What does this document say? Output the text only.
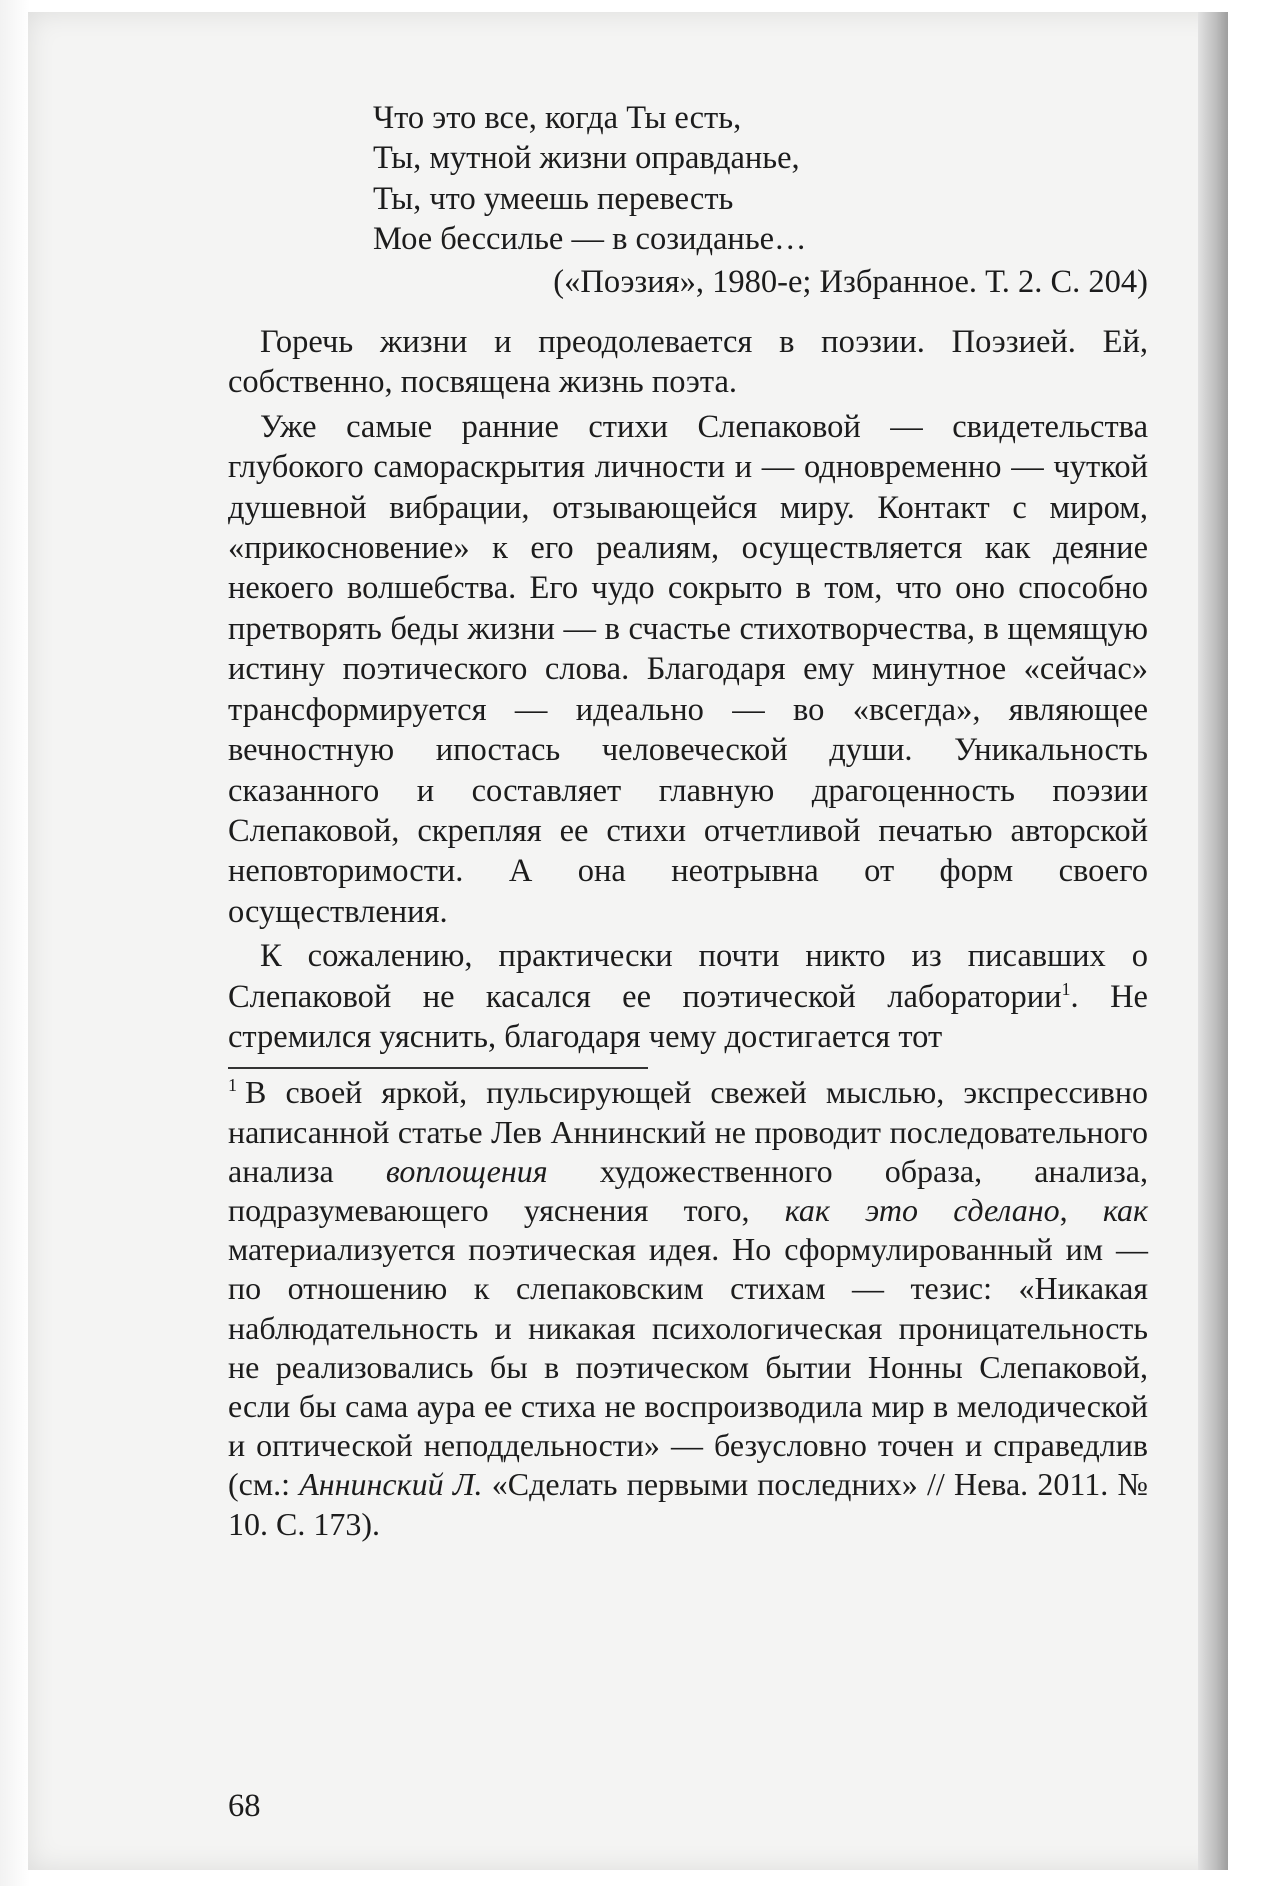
Что это все, когда Ты есть,
Ты, мутной жизни оправданье,
Ты, что умеешь перевесть
Мое бессилье — в созиданье…
(«Поэзия», 1980-е; Избранное. Т. 2. С. 204)

Горечь жизни и преодолевается в поэзии. Поэзией. Ей, собственно, посвящена жизнь поэта.

Уже самые ранние стихи Слепаковой — свидетельства глубокого самораскрытия личности и — одновременно — чуткой душевной вибрации, отзывающейся миру. Контакт с миром, «прикосновение» к его реалиям, осуществляется как деяние некоего волшебства. Его чудо сокрыто в том, что оно способно претворять беды жизни — в счастье стихотворчества, в щемящую истину поэтического слова. Благодаря ему минутное «сейчас» трансформируется — идеально — во «всегда», являющее вечностную ипостась человеческой души. Уникальность сказанного и составляет главную драгоценность поэзии Слепаковой, скрепляя ее стихи отчетливой печатью авторской неповторимости. А она неотрывна от форм своего осуществления.

К сожалению, практически почти никто из писавших о Слепаковой не касался ее поэтической лаборатории$^1$. Не стремился уяснить, благодаря чему достигается тот

$^1$ В своей яркой, пульсирующей свежей мыслью, экспрессивно написанной статье Лев Аннинский не проводит последовательного анализа воплощения художественного образа, анализа, подразумевающего уяснения того, как это сделано, как материализуется поэтическая идея. Но сформулированный им — по отношению к слепаковским стихам — тезис: «Никакая наблюдательность и никакая психологическая проницательность не реализовались бы в поэтическом бытии Нонны Слепаковой, если бы сама аура ее стиха не воспроизводила мир в мелодической и оптической неподдельности» — безусловно точен и справедлив (см.: Аннинский Л. «Сделать первыми последних» // Нева. 2011. № 10. С. 173).

68
